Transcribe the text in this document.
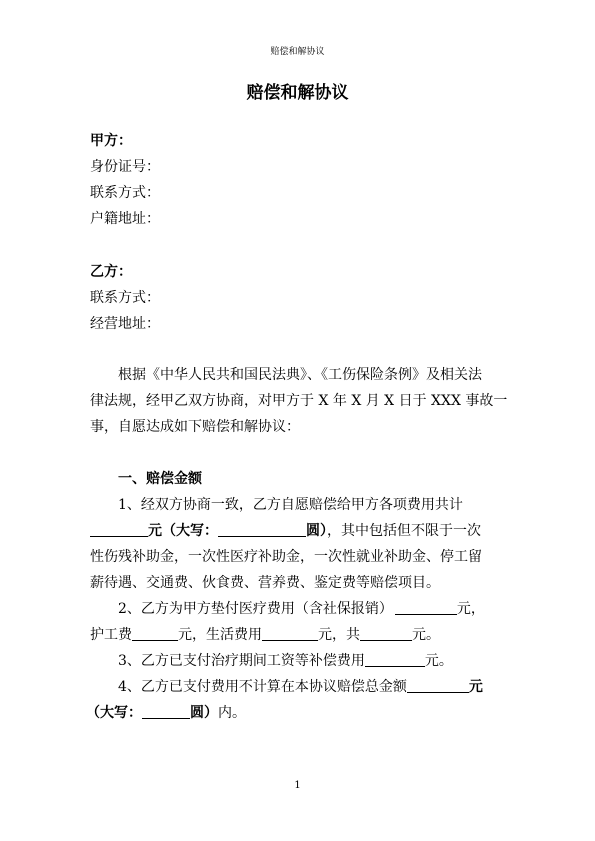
赔偿和解协议
赔偿和解协议
甲方：
身份证号：
联系方式：
户籍地址：
乙方：
联系方式：
经营地址：
根据《中华人民共和国民法典》、《工伤保险条例》及相关法
律法规，经甲乙双方协商，对甲方于 X 年 X 月 X 日于 XXX 事故一
事，自愿达成如下赔偿和解协议：
一、赔偿金额
1、经双方协商一致，乙方自愿赔偿给甲方各项费用共计
元（大写：	圆），其中包括但不限于一次
性伤残补助金，一次性医疗补助金，一次性就业补助金、停工留
薪待遇、交通费、伙食费、营养费、鉴定费等赔偿项目。
2、乙方为甲方垫付医疗费用（含社保报销）	元，
护工费	元，生活费用	元，共	元。
3、乙方已支付治疗期间工资等补偿费用	元。
4、乙方已支付费用不计算在本协议赔偿总金额	元
（大写：	圆）内。
1
